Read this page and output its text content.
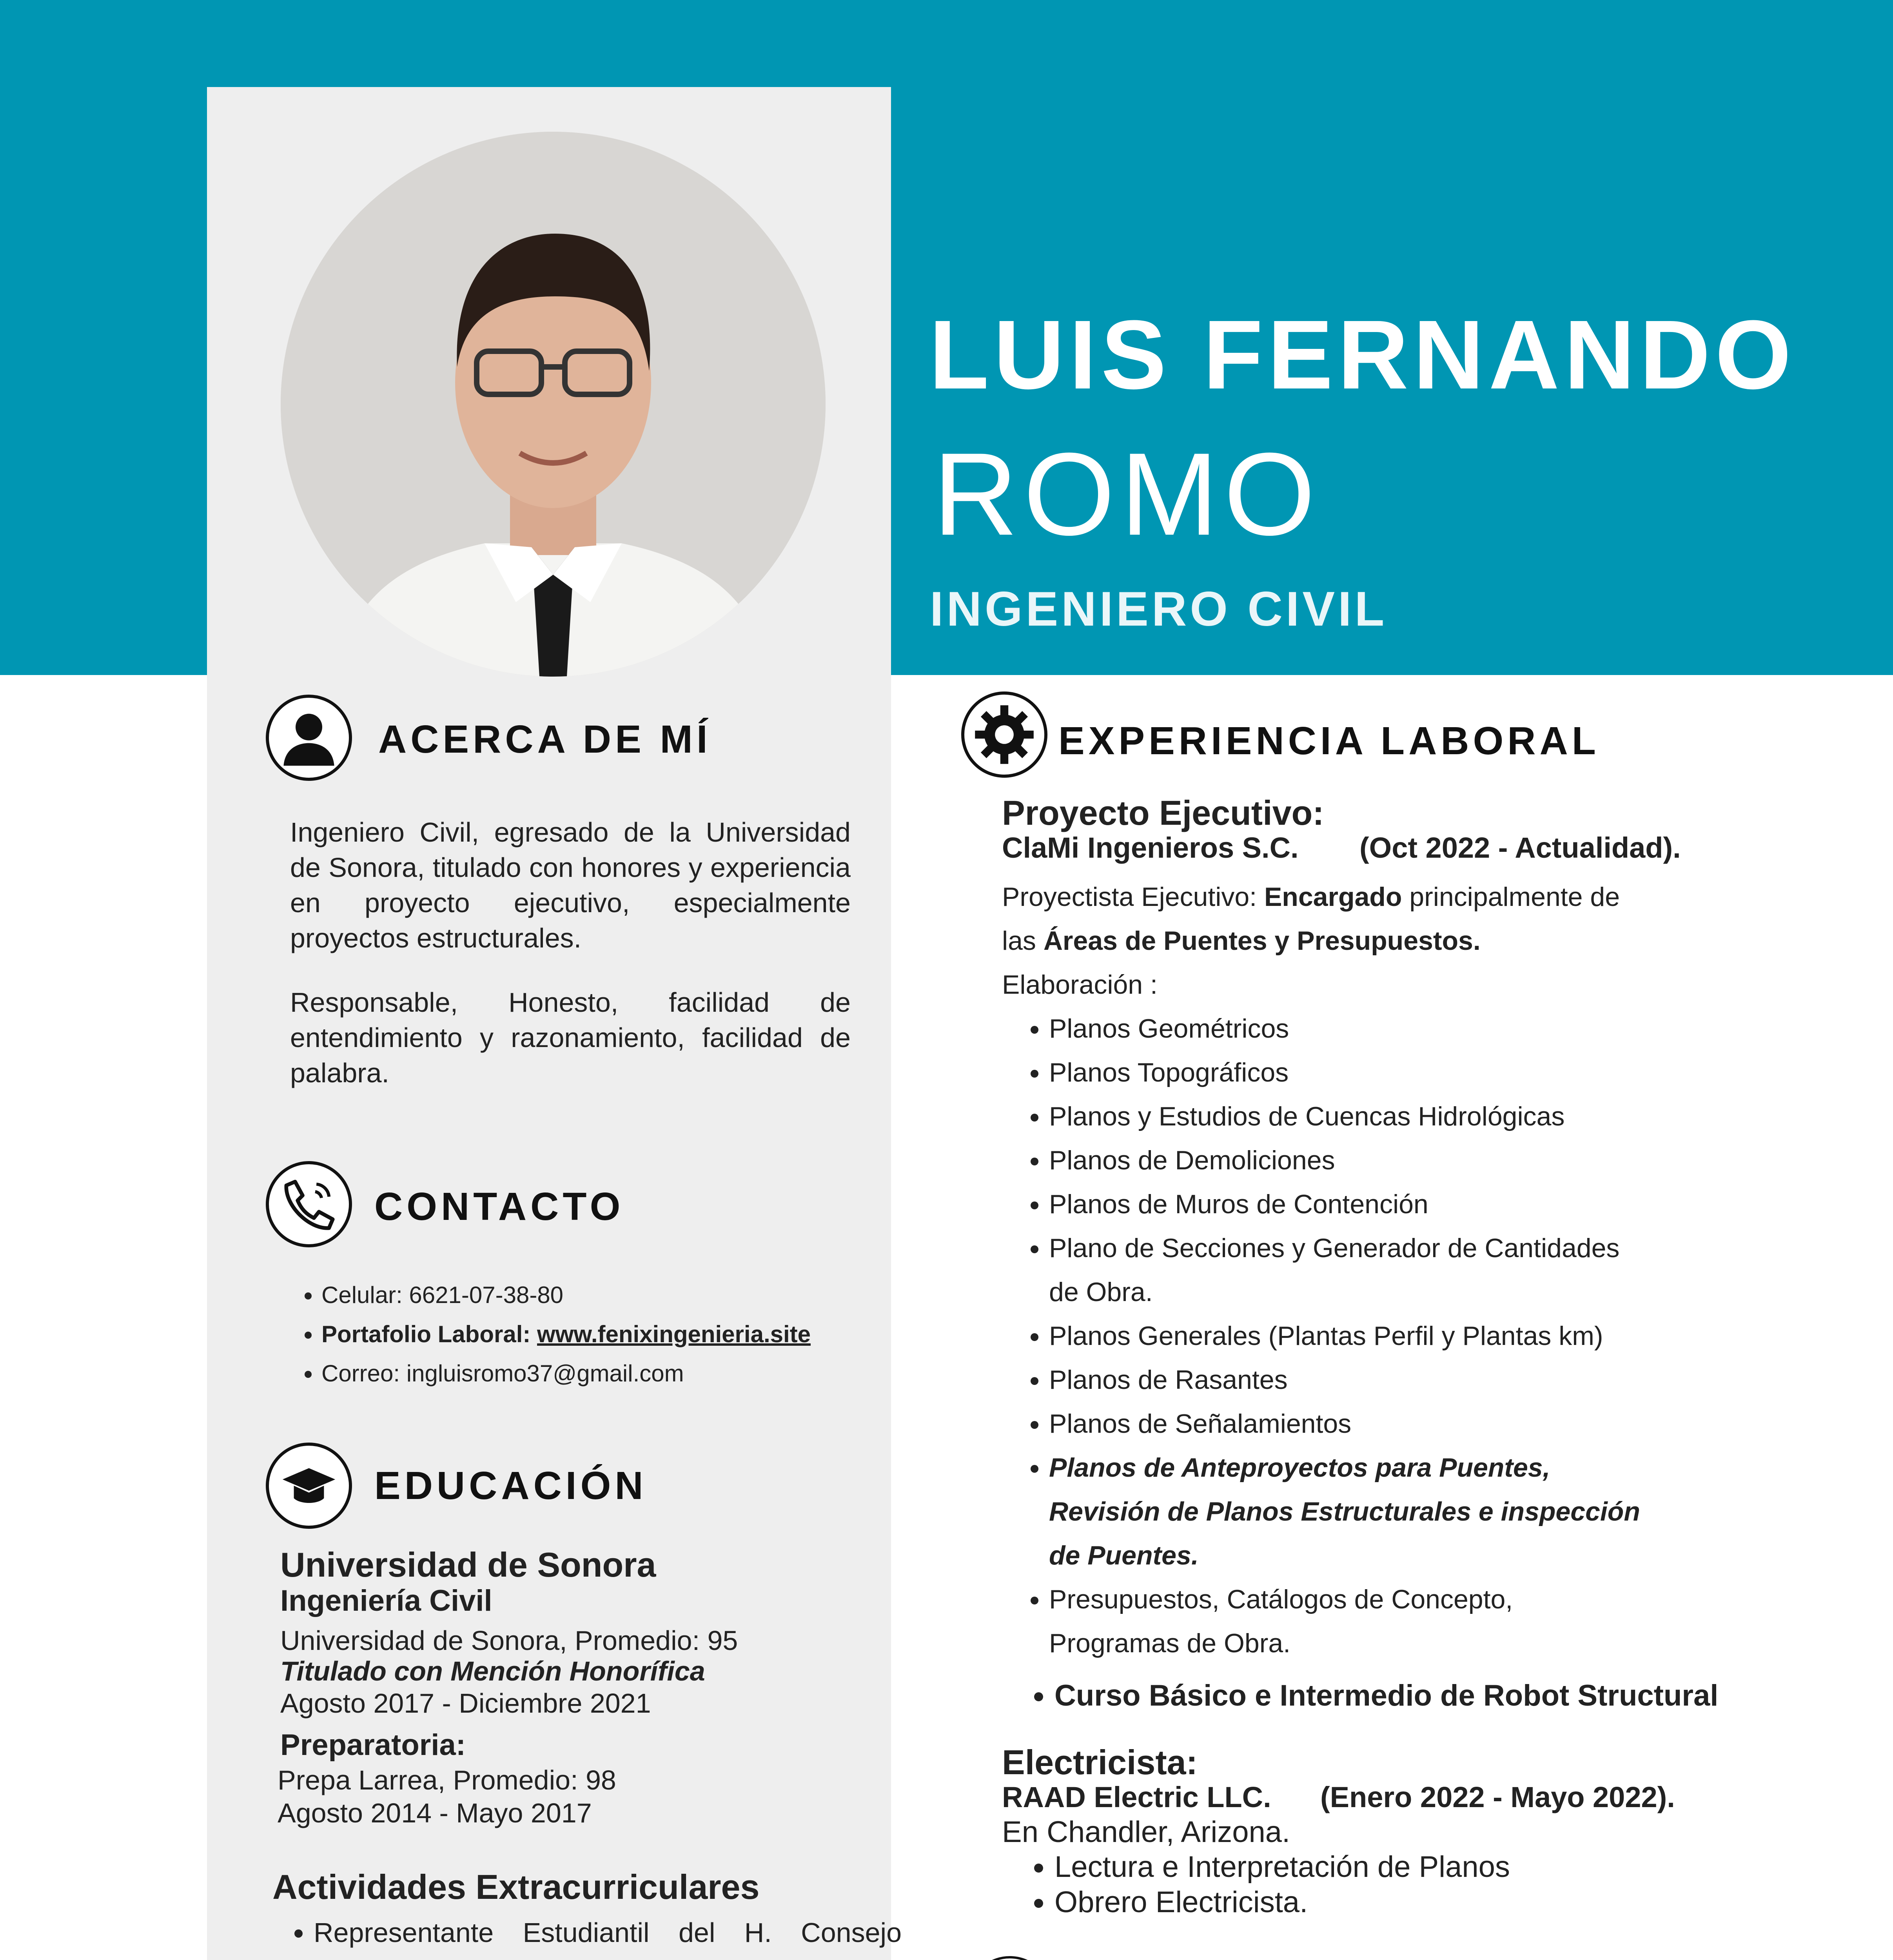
LUIS FERNANDO
ROMO
INGENIERO CIVIL
ACERCA DE MÍ
Ingeniero Civil, egresado de la Universidad de Sonora, titulado con honores y experiencia en proyecto ejecutivo, especialmente proyectos estructurales.
Responsable, Honesto, facilidad de entendimiento y razonamiento, facilidad de palabra.
CONTACTO
• Celular: 6621-07-38-80
• Portafolio Laboral: www.fenixingenieria.site
• Correo: ingluisromo37@gmail.com
EDUCACIÓN
Universidad de Sonora
Ingeniería Civil
Universidad de Sonora, Promedio: 95
Titulado con Mención Honorífica
Agosto 2017 - Diciembre 2021
Preparatoria:
Prepa Larrea, Promedio: 98
Agosto 2014 - Mayo 2017
Actividades Extracurriculares
• Representante Estudiantil del H. Consejo
EXPERIENCIA LABORAL
Proyecto Ejecutivo:
ClaMi Ingenieros S.C. (Oct 2022 - Actualidad).
Proyectista Ejecutivo: Encargado principalmente de
las Áreas de Puentes y Presupuestos.
Elaboración :
• Planos Geométricos
• Planos Topográficos
• Planos y Estudios de Cuencas Hidrológicas
• Planos de Demoliciones
• Planos de Muros de Contención
• Plano de Secciones y Generador de Cantidades
de Obra.
• Planos Generales (Plantas Perfil y Plantas km)
• Planos de Rasantes
• Planos de Señalamientos
• Planos de Anteproyectos para Puentes,
Revisión de Planos Estructurales e inspección
de Puentes.
• Presupuestos, Catálogos de Concepto,
Programas de Obra.
• Curso Básico e Intermedio de Robot Structural
Electricista:
RAAD Electric LLC. (Enero 2022 - Mayo 2022).
En Chandler, Arizona.
• Lectura e Interpretación de Planos
• Obrero Electricista.
